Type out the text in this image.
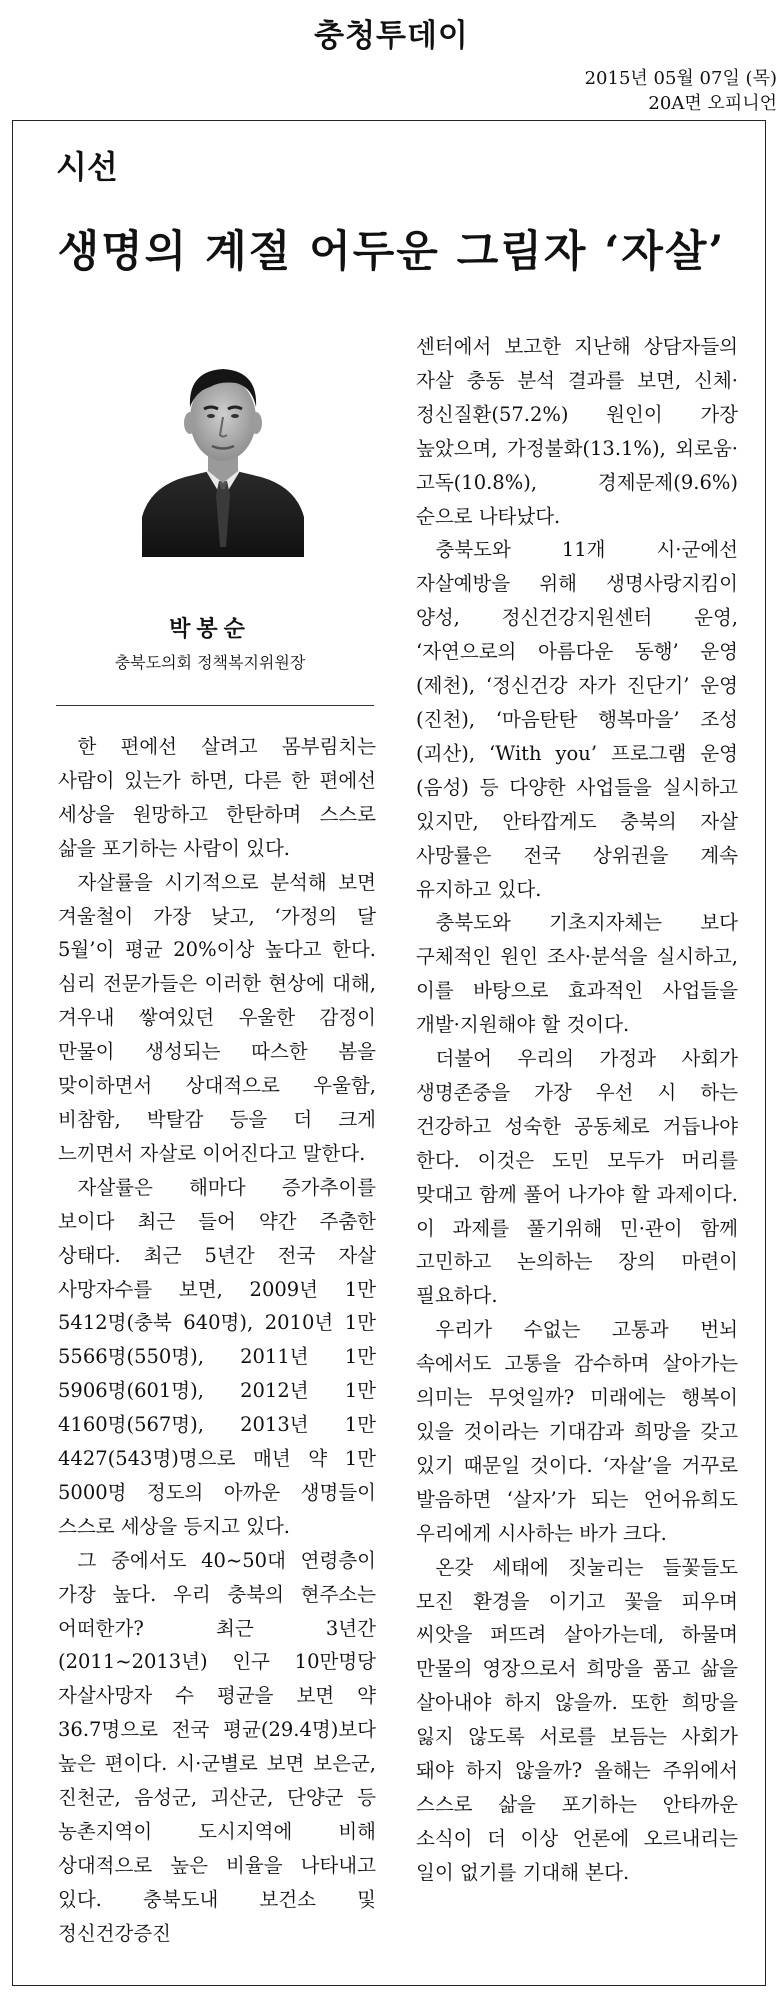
충청투데이
2015년 05월 07일 (목)
20A면 오피니언
시선
생명의 계절 어두운 그림자 ‘자살’
박봉순
충북도의회 정책복지위원장

한 편에선 살려고 몸부림치는 사람이 있는가 하면, 다른 한 편에선 세상을 원망하고 한탄하며 스스로 삶을 포기하는 사람이 있다.

자살률을 시기적으로 분석해 보면 겨울철이 가장 낮고, ‘가정의 달 5월’이 평균 20%이상 높다고 한다. 심리 전문가들은 이러한 현상에 대해, 겨우내 쌓여있던 우울한 감정이 만물이 생성되는 따스한 봄을 맞이하면서 상대적으로 우울함, 비참함, 박탈감 등을 더 크게 느끼면서 자살로 이어진다고 말한다.

자살률은 해마다 증가추이를 보이다 최근 들어 약간 주춤한 상태다. 최근 5년간 전국 자살 사망자수를 보면, 2009년 1만 5412명(충북 640명), 2010년 1만 5566명(550명), 2011년 1만 5906명(601명), 2012년 1만 4160명(567명), 2013년 1만 4427(543명)명으로 매년 약 1만 5000명 정도의 아까운 생명들이 스스로 세상을 등지고 있다.

그 중에서도 40~50대 연령층이 가장 높다. 우리 충북의 현주소는 어떠한가? 최근 3년간(2011~2013년) 인구 10만명당 자살사망자 수 평균을 보면 약 36.7명으로 전국 평균(29.4명)보다 높은 편이다. 시·군별로 보면 보은군, 진천군, 음성군, 괴산군, 단양군 등 농촌지역이 도시지역에 비해 상대적으로 높은 비율을 나타내고 있다. 충북도내 보건소 및 정신건강증진

센터에서 보고한 지난해 상담자들의 자살 충동 분석 결과를 보면, 신체·정신질환(57.2%) 원인이 가장 높았으며, 가정불화(13.1%), 외로움·고독(10.8%), 경제문제(9.6%) 순으로 나타났다.

충북도와 11개 시·군에선 자살예방을 위해 생명사랑지킴이 양성, 정신건강지원센터 운영, ‘자연으로의 아름다운 동행’ 운영(제천), ‘정신건강 자가 진단기’ 운영(진천), ‘마음탄탄 행복마을’ 조성(괴산), ‘With you’ 프로그램 운영(음성) 등 다양한 사업들을 실시하고 있지만, 안타깝게도 충북의 자살 사망률은 전국 상위권을 계속 유지하고 있다.

충북도와 기초지자체는 보다 구체적인 원인 조사·분석을 실시하고, 이를 바탕으로 효과적인 사업들을 개발·지원해야 할 것이다.

더불어 우리의 가정과 사회가 생명존중을 가장 우선 시 하는 건강하고 성숙한 공동체로 거듭나야 한다. 이것은 도민 모두가 머리를 맞대고 함께 풀어 나가야 할 과제이다. 이 과제를 풀기위해 민·관이 함께 고민하고 논의하는 장의 마련이 필요하다.

우리가 수없는 고통과 번뇌 속에서도 고통을 감수하며 살아가는 의미는 무엇일까? 미래에는 행복이 있을 것이라는 기대감과 희망을 갖고 있기 때문일 것이다. ‘자살’을 거꾸로 발음하면 ‘살자’가 되는 언어유희도 우리에게 시사하는 바가 크다.

온갖 세태에 짓눌리는 들꽃들도 모진 환경을 이기고 꽃을 피우며 씨앗을 퍼뜨려 살아가는데, 하물며 만물의 영장으로서 희망을 품고 삶을 살아내야 하지 않을까. 또한 희망을 잃지 않도록 서로를 보듬는 사회가 돼야 하지 않을까? 올해는 주위에서 스스로 삶을 포기하는 안타까운 소식이 더 이상 언론에 오르내리는 일이 없기를 기대해 본다.
